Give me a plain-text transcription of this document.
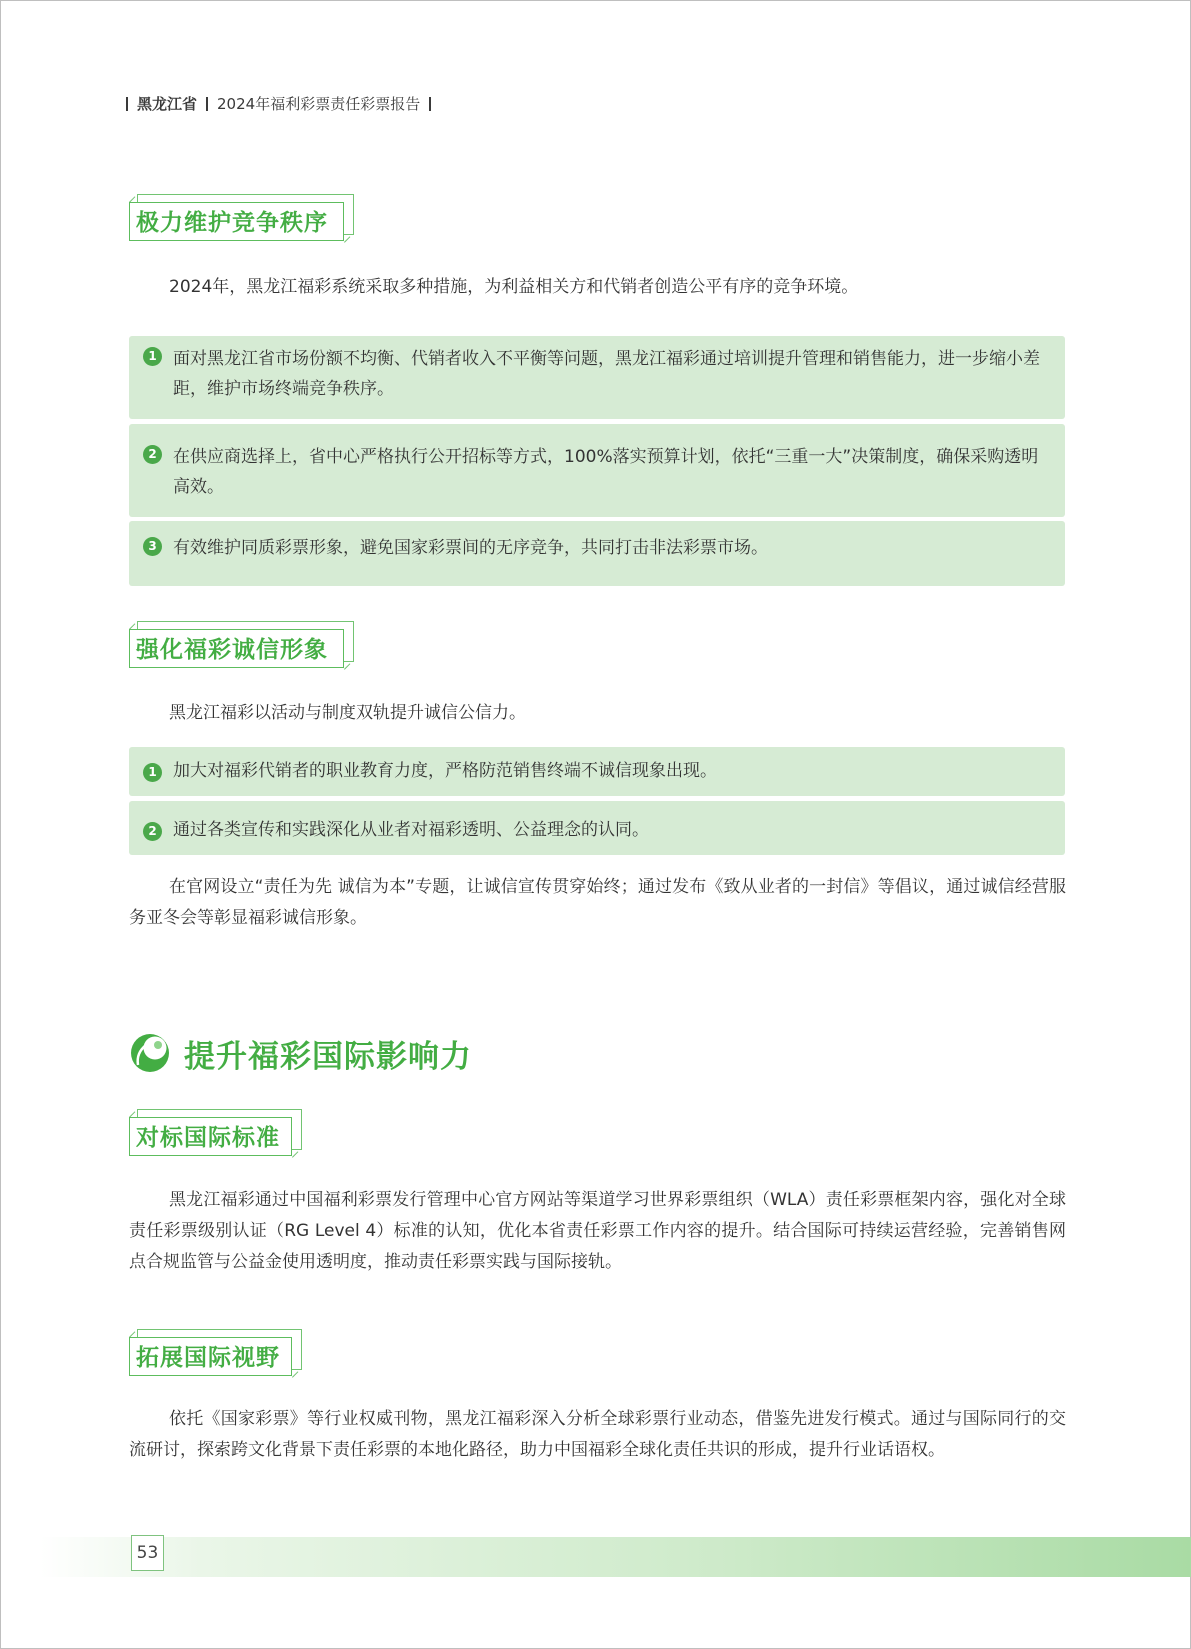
黑龙江省 2024年福利彩票责任彩票报告
极力维护竞争秩序
2024年，黑龙江福彩系统采取多种措施，为利益相关方和代销者创造公平有序的竞争环境。
1 面对黑龙江省市场份额不均衡、代销者收入不平衡等问题，黑龙江福彩通过培训提升管理和销售能力，进一步缩小差距，维护市场终端竞争秩序。
2 在供应商选择上，省中心严格执行公开招标等方式，100%落实预算计划，依托“三重一大”决策制度，确保采购透明高效。
3 有效维护同质彩票形象，避免国家彩票间的无序竞争，共同打击非法彩票市场。
强化福彩诚信形象
黑龙江福彩以活动与制度双轨提升诚信公信力。
1 加大对福彩代销者的职业教育力度，严格防范销售终端不诚信现象出现。
2 通过各类宣传和实践深化从业者对福彩透明、公益理念的认同。
在官网设立“责任为先 诚信为本”专题，让诚信宣传贯穿始终；通过发布《致从业者的一封信》等倡议，通过诚信经营服务亚冬会等彰显福彩诚信形象。
提升福彩国际影响力
对标国际标准
黑龙江福彩通过中国福利彩票发行管理中心官方网站等渠道学习世界彩票组织（WLA）责任彩票框架内容，强化对全球责任彩票级别认证（RG Level 4）标准的认知，优化本省责任彩票工作内容的提升。结合国际可持续运营经验，完善销售网点合规监管与公益金使用透明度，推动责任彩票实践与国际接轨。
拓展国际视野
依托《国家彩票》等行业权威刊物，黑龙江福彩深入分析全球彩票行业动态，借鉴先进发行模式。通过与国际同行的交流研讨，探索跨文化背景下责任彩票的本地化路径，助力中国福彩全球化责任共识的形成，提升行业话语权。
53
